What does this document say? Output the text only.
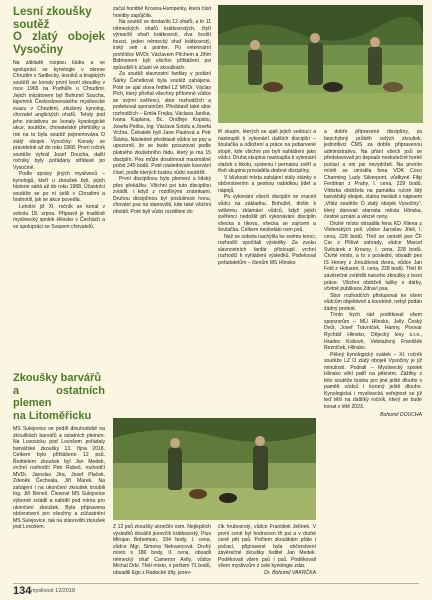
Lesní zkoušky
soutěž
O zlatý obojek Vysočiny

Na základě rozpisu klubu a ve spolupráci se kynologie v okrese Chrudim v Sedlecky, lesníků a krajských soutěží se konaly první lesní zkoušky v roce 1965 na Podhůře u Chrudimi. Jejich iniciátorem byl Bohumil Soucha, tajemník Československého myslivecké svazu v Chrudimi, zkušený kynolog, chovatel anglických ohařů. Tehdy pod jeho iniciativou se konaly kynologické akce, soutěže, chovatelské přehlídky a rok na to byla soutěž pojmenována O zlatý obojek Vysočiny. Konaly se pravidelně až do roku 1968. První ročník soutěže vyhrál Josef Doucha, další ročníky byly pořádány střídavě po Vysočině.

Podle zprávy jiných mysliveců – kynologů, kteří u zkoušek byli, jejich historie sahá až do roku 1968. Účastníci soutěže se po ní sešli v Chrudimi a hodnotili, jak se akce povedla.

Letošní již XI. ročník se konal v sobotu 18. srpna. Připravil je tradičně myslivecký spolek Hlinsko v Čechách a ve spolupráci se Svazem chovatelů.

Zkoušky barvářů
a ostatních plemen
na Litoměřicku

MS Sulejovice se podílí dlouhodobě na zkouškách barvářů a ostatních plemen. Na Lovosicku pod Lovošem pořádaly barvářské zkoušky 13. října 2018. Celkem bylo přihlášeno 12 psů. Ředitelem zkoušek byl Jan Medek, vrchní rozhodčí Petr Rubeš, rozhodčí MVDr. Jaroslav Jíra, Josef Plaček, Zdeněk Čechvala, Jiří Marek. Na zahájení i na ukončení zkoušek troubili Ing. Jiří Beneš. Členové MS Sulejovice výborně zvládli a nabídli pod mírou pro ukončení zkoušek. Byla připravena občerstvení pro všechny a zúčastnění MS Sulejovice, tak na stanovišti zkoušek pod Lovošem.

začal honitbě Krouna-Humperky, která část honitby zapůjčila.

Na soutěž se dostavilo 12 ohařů, a to 11 německých ohařů krátkosrstých, čtyři výmarští ohaři krátkosrstí, dva česští fousci, jeden německý ohař krátkosrstý, irský setr a pointer. Po veterinární prohlídce MVDr. Václavem Plíchem a Jiřím Bidmonem byli všichni přihlášení psi způsobilí k účasti ve zkouškách.

Za soutěž slavnostní fanfáry v podání Šárky Čečetkové byla soutěž zahájena. Poté se ujal slova ředitel LZ MVDr. Václav Plch, který přivítal všechny přítomné vůdce se svými svěřenci, sbor rozhodčích a podekoval sponzorům. Představil také sbor rozhodčích – Emila Frejka, Václava Janíka, Ivana Kaplana, Bc. Ondřeje Kopistu, Josefa Pešku, Ing. Václava Sotolu a Josefa Vichra. Čekatelé byli Jane Paulová a Petr Štárka. Následně představil vůdce se psy a upozornil, že se bude posuzovat podle platného zkušebního řádu, který je ma 15 disciplín. Pes může dosáhnout maximálně počet 240 bodů. Poté následovalo losování čísel, podle kterých budou vůdci soutěžit.

První disciplínou bylo plemení a lidský přes překážku. Všichni psi tuto disciplínu zvládli, i když z rozdílnými známkami. Druhou disciplínou byl poslušnost honu, chování psa na stanovišti, kde také všichni obstáli. Poté byli vůdci rozděleni do

tří skupin, kterých se ujali jejich vedoucí a nastoupili k vykonání dalších disciplín – šoulačka a odložení a práce na pobarvené stopě, kde všichni psi byli nahlášeni jako vůdci. Druhá skupina nastoupila k vykonání vlaček s tikotu, systemu i pernatou zvěří a třetí skupina prováděla drobné disciplíny.

V blízkosti místa zahájení stály stánky s občerstvením a pestrou nabídkou jídel a nápojů.

Po vykonání všech disciplín se vracelí vůdci na základnu. Bohužel, došlo k velkému zklamání vůdců, když jejich svěřenci nedošlit při vykonávání disciplín všecka s tikovu, všecka se zajícem a šoulačka. Celkem neobstálo osm psů.

Než se sobota nachýlila ke svému konci, rozhodčí spočítali výsledky. Za zvuku slavnostních fanfár přistoupil vrchní rozhodčí k vyhlášení výsledků. Podekoval pořadatelům – členům MS Hlinsko

a dobře připravené disciplíny, za bezchybný průběh celých zkoušek, jednotlivci ČMS za dobře připravenou administrativu. Na přání všech psů se představovali po depsalo neskutečně horké počasí a oni psi nevydrželi. Na prvním místě se umístila fena VOK Coco Charming Lady Silverpont, vůdkyně Filip Ferdinan z Prahy, I. cena, 229 bodů. Vítězka obdržela na památku ručně šitý barvářský obojek, zlatou medaili s nápisem „Vítěz soutěže O zlatý obojek Vysočiny“, který darovali starosta města Hlinska, čestné uznání a věcné ceny.

Druhé místo obsadila fena KD Xliena z Vlelenských polí, vůdce Jaroslav Jíleš, I. cena, 228 bodů. Třetí se umístil pes ČF Car z Plišvé zahrady, vůdce Marcel Svěcárek z Krouny, I. cena, 228 bodů. Čtvrté místo, a to s poslední, obsadil pes IS Honey z Jiroušková dvora, vůdce Jan Fotil z Holusné, II. cena, 228 bodů. Třetí tři závěrečné zvítědili naiceho zkoušky z lesní práce. Všichni obdrželi tašky s dárky, včetně publikace Zdraví psa.

Sbor rozhodčích přistupoval ke všem vůdcům objektivně a korektně, nebyl podán žádný protest.

Tímto bych rád poděkoval všem sponzorům – MÚ Hlinsko, Jelly Český Dvůr, Josef Trávníček, Hanny, Pivovar Rychtář Hlinsko, Dějecký lesy s.r.o., Hradec Králové, Veletažený Františék Rezníček, Hlinsko.

Pěkný kynologický svátek – XI. ročník soutěže LZ O zlatý obojek Vysočiny je již minulostí. Podrali – Myslivecký spolek Hlinsko věkí patří na pěkném. Zážitky z této soutěže budou pro jiné ještě dlouho v pamětí vůdců i koroný ještě dlouho. Kynologická i myslivecká veřejnost se již teď těší na dalšíký ročník, který se bude konat v létě 2023.

Bohumil DOUCHA

Z 12 psů zkoušky ukončilo osm. Nejlepších výsledků dosáhli jezevčík krátkosrstý, Pius Mirojan Bohemian, 194 body, I. cena, vůdce Mgr. Simona Nekvancová. Druhý místo s 186 body, II. cena, obsadil německý ohař Cameron Axlly, vůdce Michal Drbl. Třetí místo, s počtem 71 bodů, obsadili Ego z Radecké díly, jezev-
čík hrubosrstý, vůdce František Jelínek. V první ceně byl hodnocen tři psi a v druhé ceně pět psů. Počtem zkouškám přálo i počasí, připravené byla občerstvení závěrečné zkoušky ředitel Jan Medek. Poděkovali všem psů i psů. Poděkovali všem myslivcům z celé kynologie zdar.
Dr. Bohumil VAKRČKA
134 myslivost 12/2018
